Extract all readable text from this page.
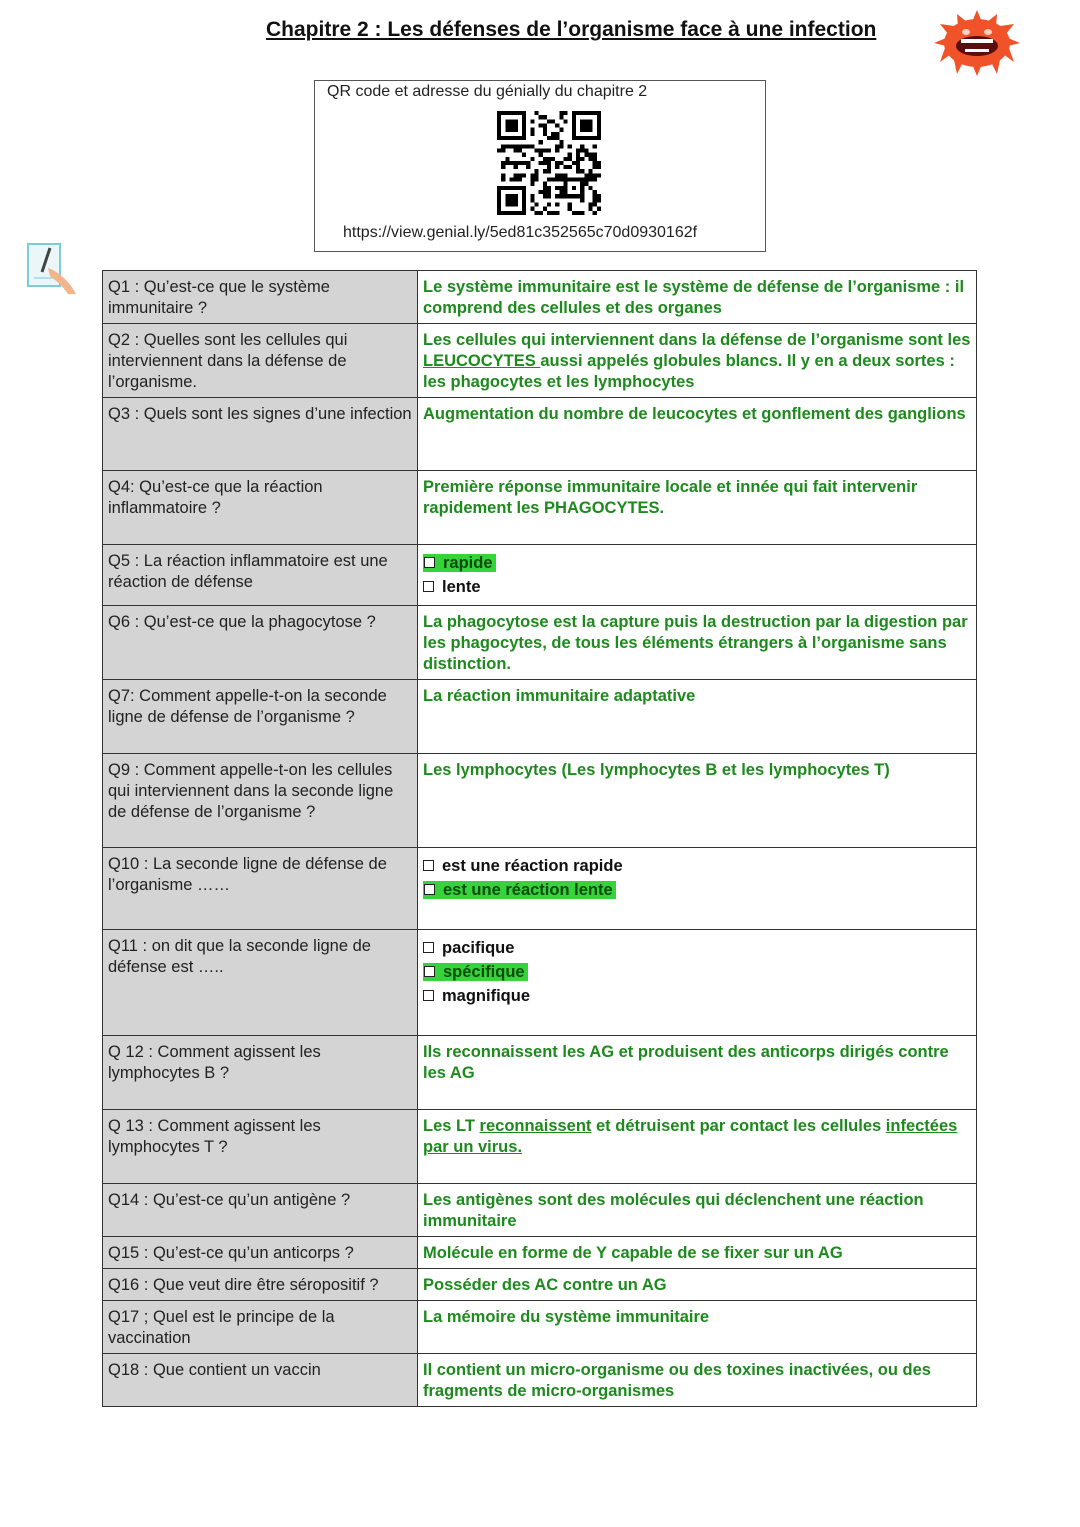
Chapitre 2 : Les défenses de l’organisme face à une infection
QR code et adresse du génially du chapitre 2
https://view.genial.ly/5ed81c352565c70d0930162f
Q1 : Qu’est-ce que le système immunitaire ?	Le système immunitaire est le système de défense de l’organisme : il comprend des cellules et des organes
Q2 : Quelles sont les cellules qui interviennent dans la défense de l’organisme.	Les cellules qui interviennent dans la défense de l’organisme sont les LEUCOCYTES aussi appelés globules blancs. Il y en a deux sortes : les phagocytes et les lymphocytes
Q3 : Quels sont les signes d’une infection	Augmentation du nombre de leucocytes et gonflement des ganglions
Q4: Qu’est-ce que la réaction inflammatoire ?	Première réponse immunitaire locale et innée qui fait intervenir rapidement les PHAGOCYTES.
Q5 : La réaction inflammatoire est une réaction de défense	rapide
lente

Q6 : Qu’est-ce que la phagocytose ?	La phagocytose est la capture puis la destruction par la digestion par les phagocytes, de tous les éléments étrangers à l’organisme sans distinction.
Q7: Comment appelle-t-on la seconde ligne de défense de l’organisme ?	La réaction immunitaire adaptative
Q9 : Comment appelle-t-on les cellules qui interviennent dans la seconde ligne de défense de l’organisme ?	Les lymphocytes (Les lymphocytes B et les lymphocytes T)
Q10 : La seconde ligne de défense de l’organisme ……	est une réaction rapide
est une réaction lente

Q11 : on dit que la seconde ligne de défense est …..	pacifique
spécifique
magnifique

Q 12 : Comment agissent les lymphocytes B ?	Ils reconnaissent les AG et produisent des anticorps dirigés contre les AG
Q 13 : Comment agissent les lymphocytes T ?	Les LT reconnaissent et détruisent par contact les cellules infectées par un virus.
Q14 : Qu’est-ce qu’un antigène ?	Les antigènes sont des molécules qui déclenchent une réaction immunitaire
Q15 : Qu’est-ce qu’un anticorps ?	Molécule en forme de Y capable de se fixer sur un AG
Q16 : Que veut dire être séropositif ?	Posséder des AC contre un AG
Q17 ; Quel est le principe de la vaccination	La mémoire du système immunitaire
Q18 : Que contient un vaccin	Il contient un micro-organisme ou des toxines inactivées, ou des fragments de micro-organismes
